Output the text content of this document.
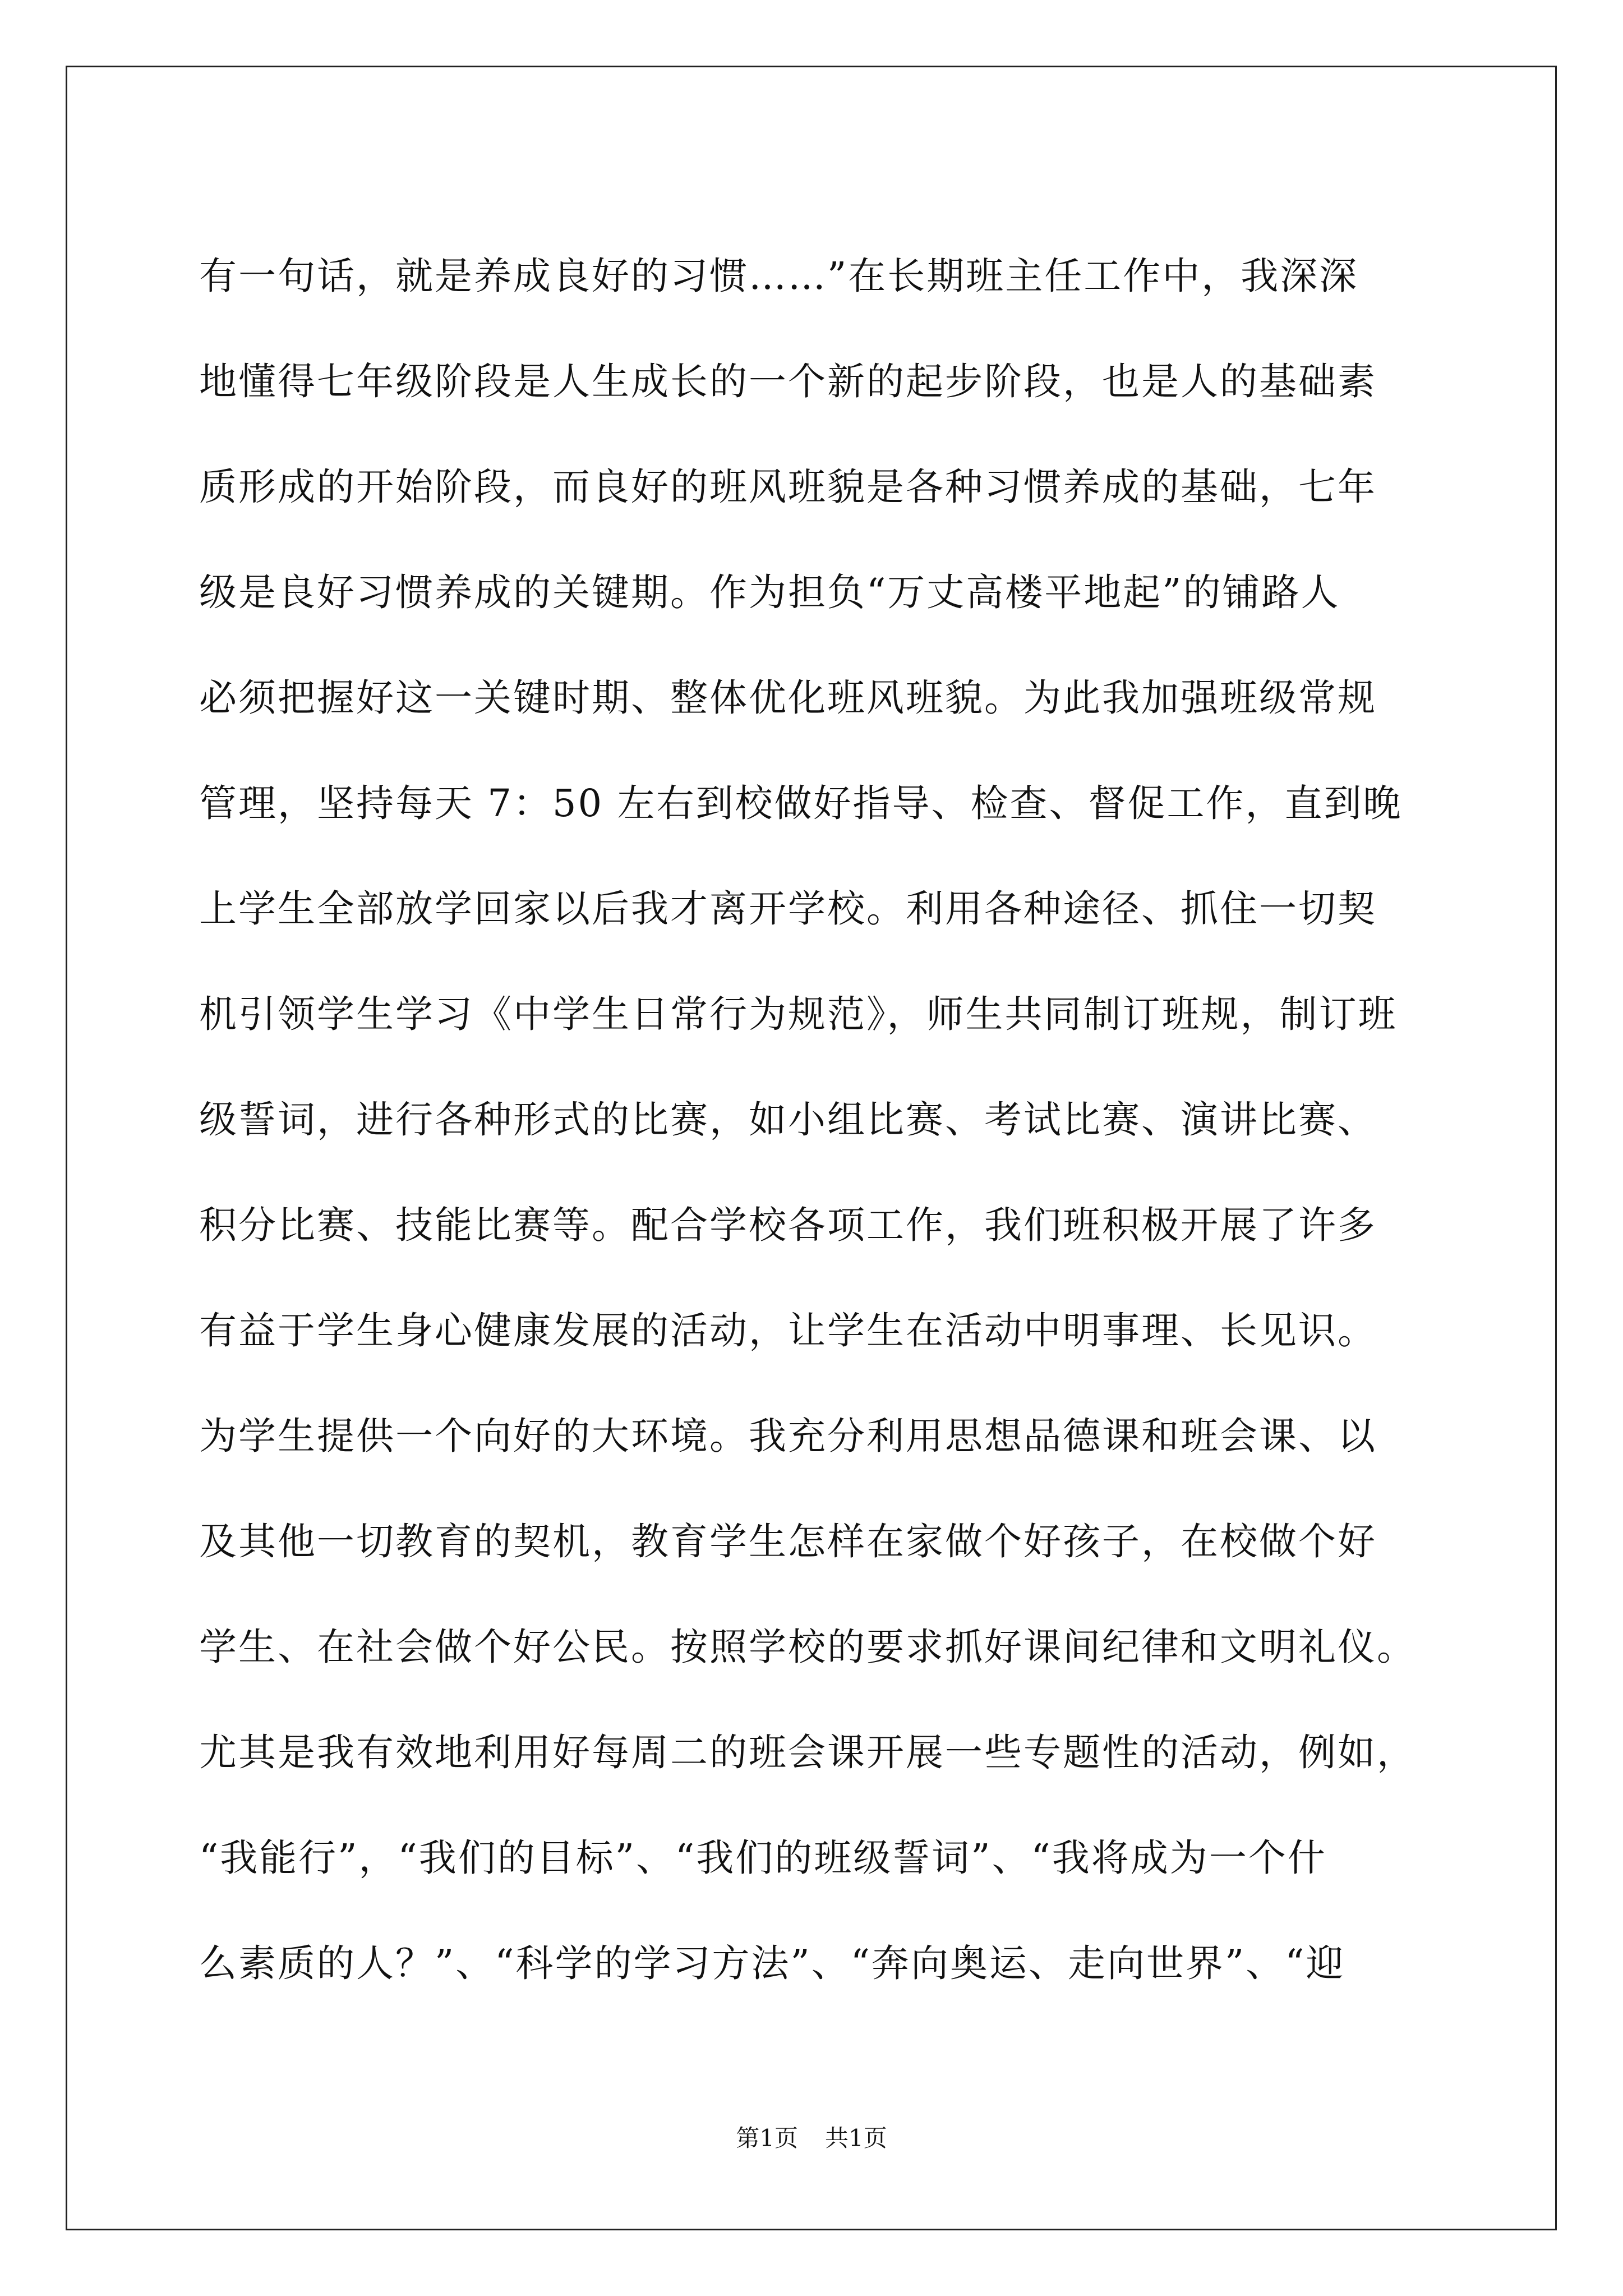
有一句话，就是养成良好的习惯……”在长期班主任工作中，我深深
地懂得七年级阶段是人生成长的一个新的起步阶段，也是人的基础素
质形成的开始阶段，而良好的班风班貌是各种习惯养成的基础，七年
级是良好习惯养成的关键期。作为担负“万丈高楼平地起”的铺路人
必须把握好这一关键时期、整体优化班风班貌。为此我加强班级常规
管理，坚持每天 7：50 左右到校做好指导、检查、督促工作，直到晚
上学生全部放学回家以后我才离开学校。利用各种途径、抓住一切契
机引领学生学习《中学生日常行为规范》，师生共同制订班规，制订班
级誓词，进行各种形式的比赛，如小组比赛、考试比赛、演讲比赛、
积分比赛、技能比赛等。配合学校各项工作，我们班积极开展了许多
有益于学生身心健康发展的活动，让学生在活动中明事理、长见识。
为学生提供一个向好的大环境。我充分利用思想品德课和班会课、以
及其他一切教育的契机，教育学生怎样在家做个好孩子，在校做个好
学生、在社会做个好公民。按照学校的要求抓好课间纪律和文明礼仪。
尤其是我有效地利用好每周二的班会课开展一些专题性的活动，例如，
“我能行”，“我们的目标”、“我们的班级誓词”、“我将成为一个什
么素质的人？”、“科学的学习方法”、“奔向奥运、走向世界”、“迎
第1页 共1页
